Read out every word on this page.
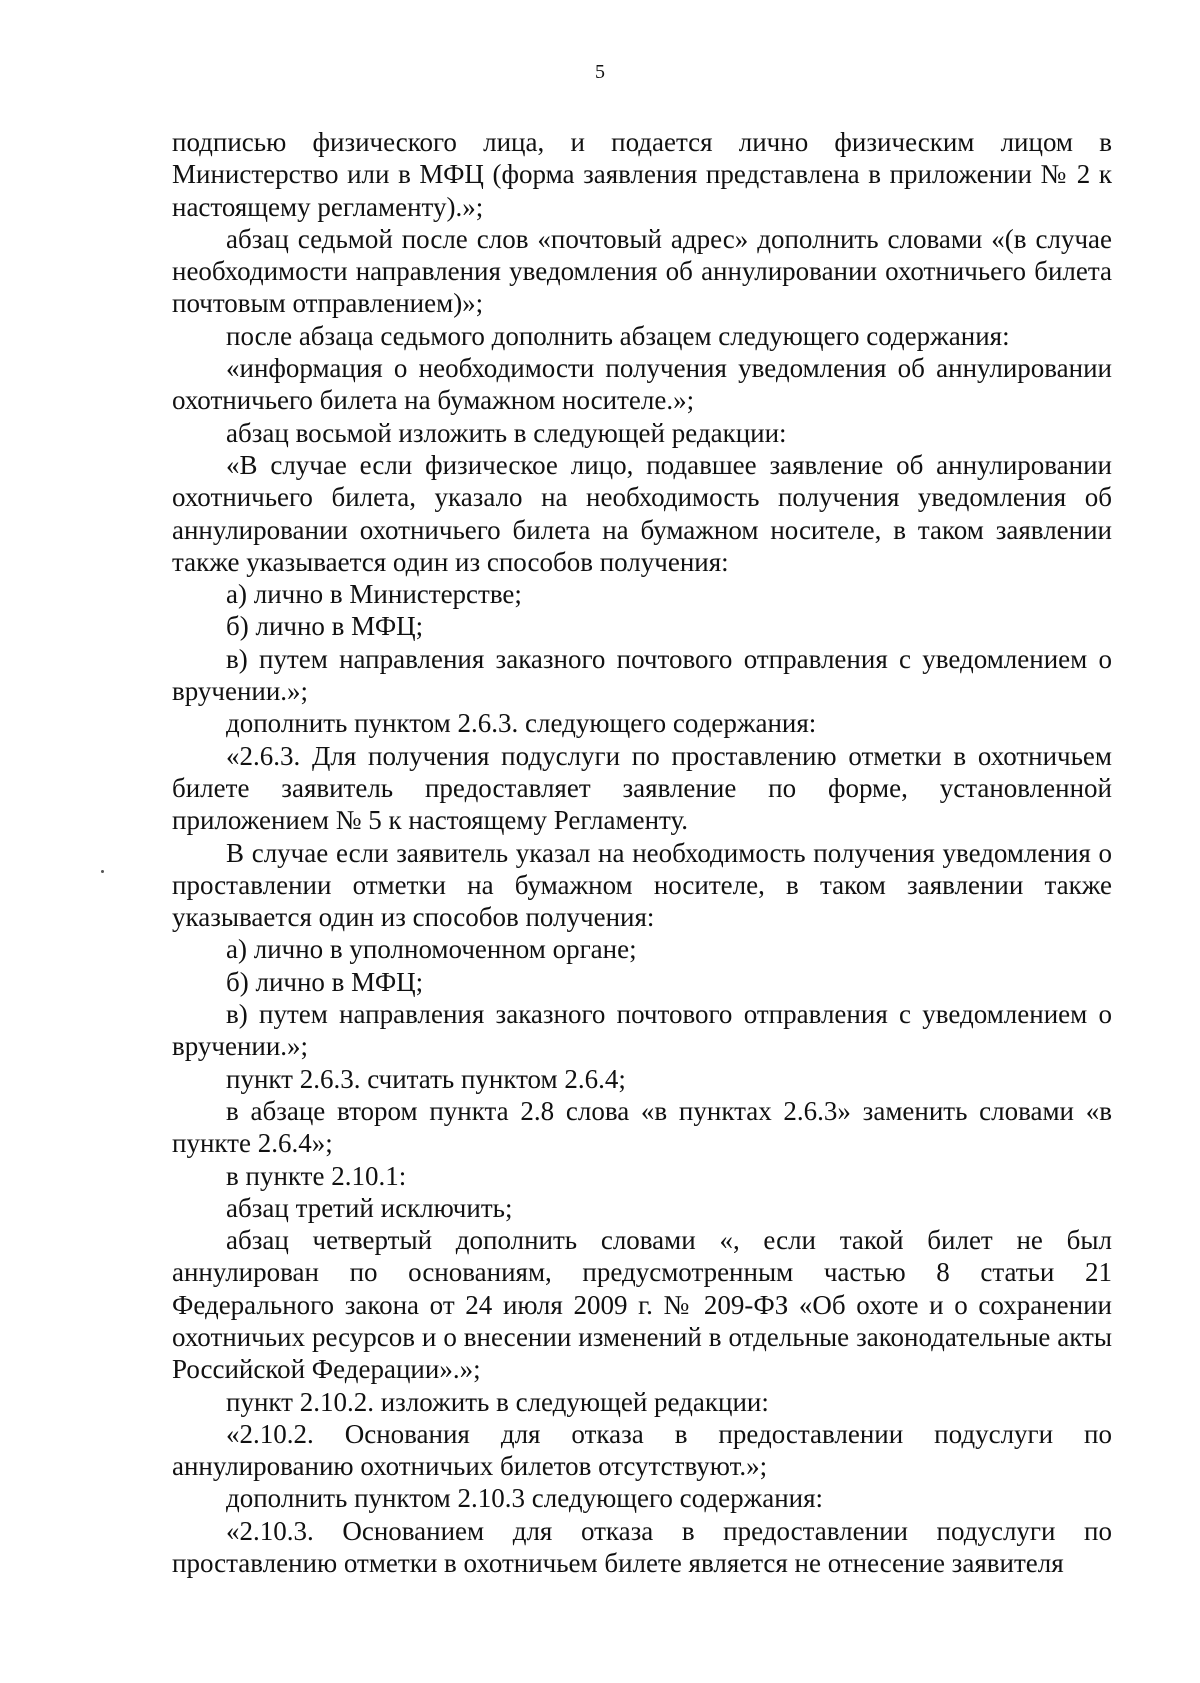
5

подписью физического лица, и подается лично физическим лицом в Министерство или в МФЦ (форма заявления представлена в приложении № 2 к настоящему регламенту).»;

абзац седьмой после слов «почтовый адрес» дополнить словами «(в случае необходимости направления уведомления об аннулировании охотничьего билета почтовым отправлением)»;

после абзаца седьмого дополнить абзацем следующего содержания:

«информация о необходимости получения уведомления об аннулировании охотничьего билета на бумажном носителе.»;

абзац восьмой изложить в следующей редакции:

«В случае если физическое лицо, подавшее заявление об аннулировании охотничьего билета, указало на необходимость получения уведомления об аннулировании охотничьего билета на бумажном носителе, в таком заявлении также указывается один из способов получения:

а) лично в Министерстве;

б) лично в МФЦ;

в) путем направления заказного почтового отправления с уведомлением о вручении.»;

дополнить пунктом 2.6.3. следующего содержания:

«2.6.3. Для получения подуслуги по проставлению отметки в охотничьем билете заявитель предоставляет заявление по форме, установленной приложением № 5 к настоящему Регламенту.

В случае если заявитель указал на необходимость получения уведомления о проставлении отметки на бумажном носителе, в таком заявлении также указывается один из способов получения:

а) лично в уполномоченном органе;

б) лично в МФЦ;

в) путем направления заказного почтового отправления с уведомлением о вручении.»;

пункт 2.6.3. считать пунктом 2.6.4;

в абзаце втором пункта 2.8 слова «в пунктах 2.6.3» заменить словами «в пункте 2.6.4»;

в пункте 2.10.1:

абзац третий исключить;

абзац четвертый дополнить словами «, если такой билет не был аннулирован по основаниям, предусмотренным частью 8 статьи 21 Федерального закона от 24 июля 2009 г. № 209-ФЗ «Об охоте и о сохранении охотничьих ресурсов и о внесении изменений в отдельные законодательные акты Российской Федерации».»;

пункт 2.10.2. изложить в следующей редакции:

«2.10.2. Основания для отказа в предоставлении подуслуги по аннулированию охотничьих билетов отсутствуют.»;

дополнить пунктом 2.10.3 следующего содержания:

«2.10.3. Основанием для отказа в предоставлении подуслуги по проставлению отметки в охотничьем билете является не отнесение заявителя
